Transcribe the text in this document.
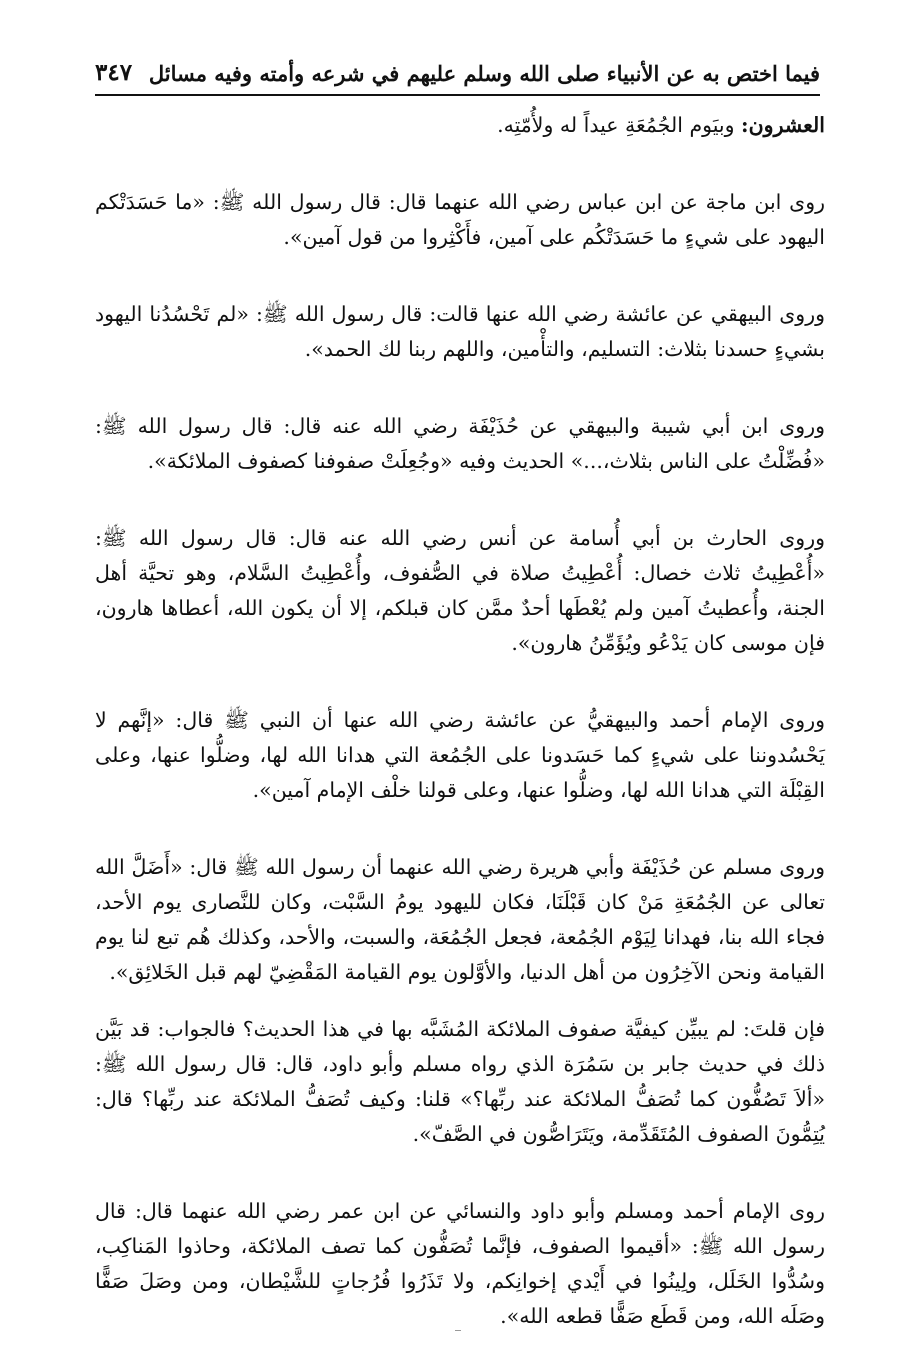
فيما اختص به عن الأنبياء صلى الله وسلم عليهم في شرعه وأمته وفيه مسائل
٣٤٧

العشرون: وبيَوم الجُمُعَةِ عيداً له ولأُمّتِه.

روى ابن ماجة عن ابن عباس رضي الله عنهما قال: قال رسول الله ﷺ: «ما حَسَدَتْكم اليهود على شيءٍ ما حَسَدَتْكُم على آمين، فأَكْثِروا من قول آمين».

وروى البيهقي عن عائشة رضي الله عنها قالت: قال رسول الله ﷺ: «لم تَحْسُدُنا اليهود بشيءٍ حسدنا بثلاث: التسليم، والتأْمين، واللهم ربنا لك الحمد».

وروى ابن أبي شيبة والبيهقي عن حُذَيْفَة رضي الله عنه قال: قال رسول الله ﷺ: «فُضِّلْتُ على الناس بثلاث،...» الحديث وفيه «وجُعِلَتْ صفوفنا كصفوف الملائكة».

وروى الحارث بن أبي أُسامة عن أنس رضي الله عنه قال: قال رسول الله ﷺ: «أُعْطِيتُ ثلاث خصال: أُعْطِيتُ صلاة في الصُّفوف، وأُعْطِيتُ السَّلام، وهو تحيَّة أهل الجنة، وأُعطيتُ آمين ولم يُعْطَها أحدٌ ممَّن كان قبلكم، إلا أن يكون الله، أعطاها هارون، فإن موسى كان يَدْعُو ويُؤَمِّنُ هارون».

وروى الإمام أحمد والبيهقيُّ عن عائشة رضي الله عنها أن النبي ﷺ قال: «إنَّهم لا يَحْسُدوننا على شيءٍ كما حَسَدونا على الجُمُعة التي هدانا الله لها، وضلُّوا عنها، وعلى القِبْلَة التي هدانا الله لها، وضلُّوا عنها، وعلى قولنا خلْف الإمام آمين».

وروى مسلم عن حُذَيْفَة وأبي هريرة رضي الله عنهما أن رسول الله ﷺ قال: «أَضَلَّ الله تعالى عن الجُمُعَةِ مَنْ كان قَبْلَنَا، فكان لليهود يومُ السَّبْت، وكان للنَّصارى يوم الأحد، فجاء الله بنا، فهدانا لِيَوْم الجُمُعة، فجعل الجُمُعَة، والسبت، والأحد، وكذلك هُم تبع لنا يوم القيامة ونحن الآخِرُون من أهل الدنيا، والأوَّلون يوم القيامة المَقْضِيّ لهم قبل الخَلائِق».

فإن قلتَ: لم يبيِّن كيفيَّة صفوف الملائكة المُشَبَّه بها في هذا الحديث؟ فالجواب: قد بَيَّن ذلك في حديث جابر بن سَمُرَة الذي رواه مسلم وأبو داود، قال: قال رسول الله ﷺ: «ألاَ تَصُفُّون كما تُصَفُّ الملائكة عند ربِّها؟» قلنا: وكيف تُصَفُّ الملائكة عند ربِّها؟ قال: يُتِمُّونَ الصفوف المُتَقَدِّمة، ويَتَرَاصُّون في الصَّفّ».

روى الإمام أحمد ومسلم وأبو داود والنسائي عن ابن عمر رضي الله عنهما قال: قال رسول الله ﷺ: «أقيموا الصفوف، فإنَّما تُصَفُّون كما تصف الملائكة، وحاذوا المَناكِب، وسُدُّوا الخَلَل، ولِينُوا في أَيْدي إخوانِكم، ولا تَذَرُوا فُرُجاتٍ للشَّيْطان، ومن وصَلَ صَفًّا وصَلَه الله، ومن قَطَع صَفًّا قطعه الله».
